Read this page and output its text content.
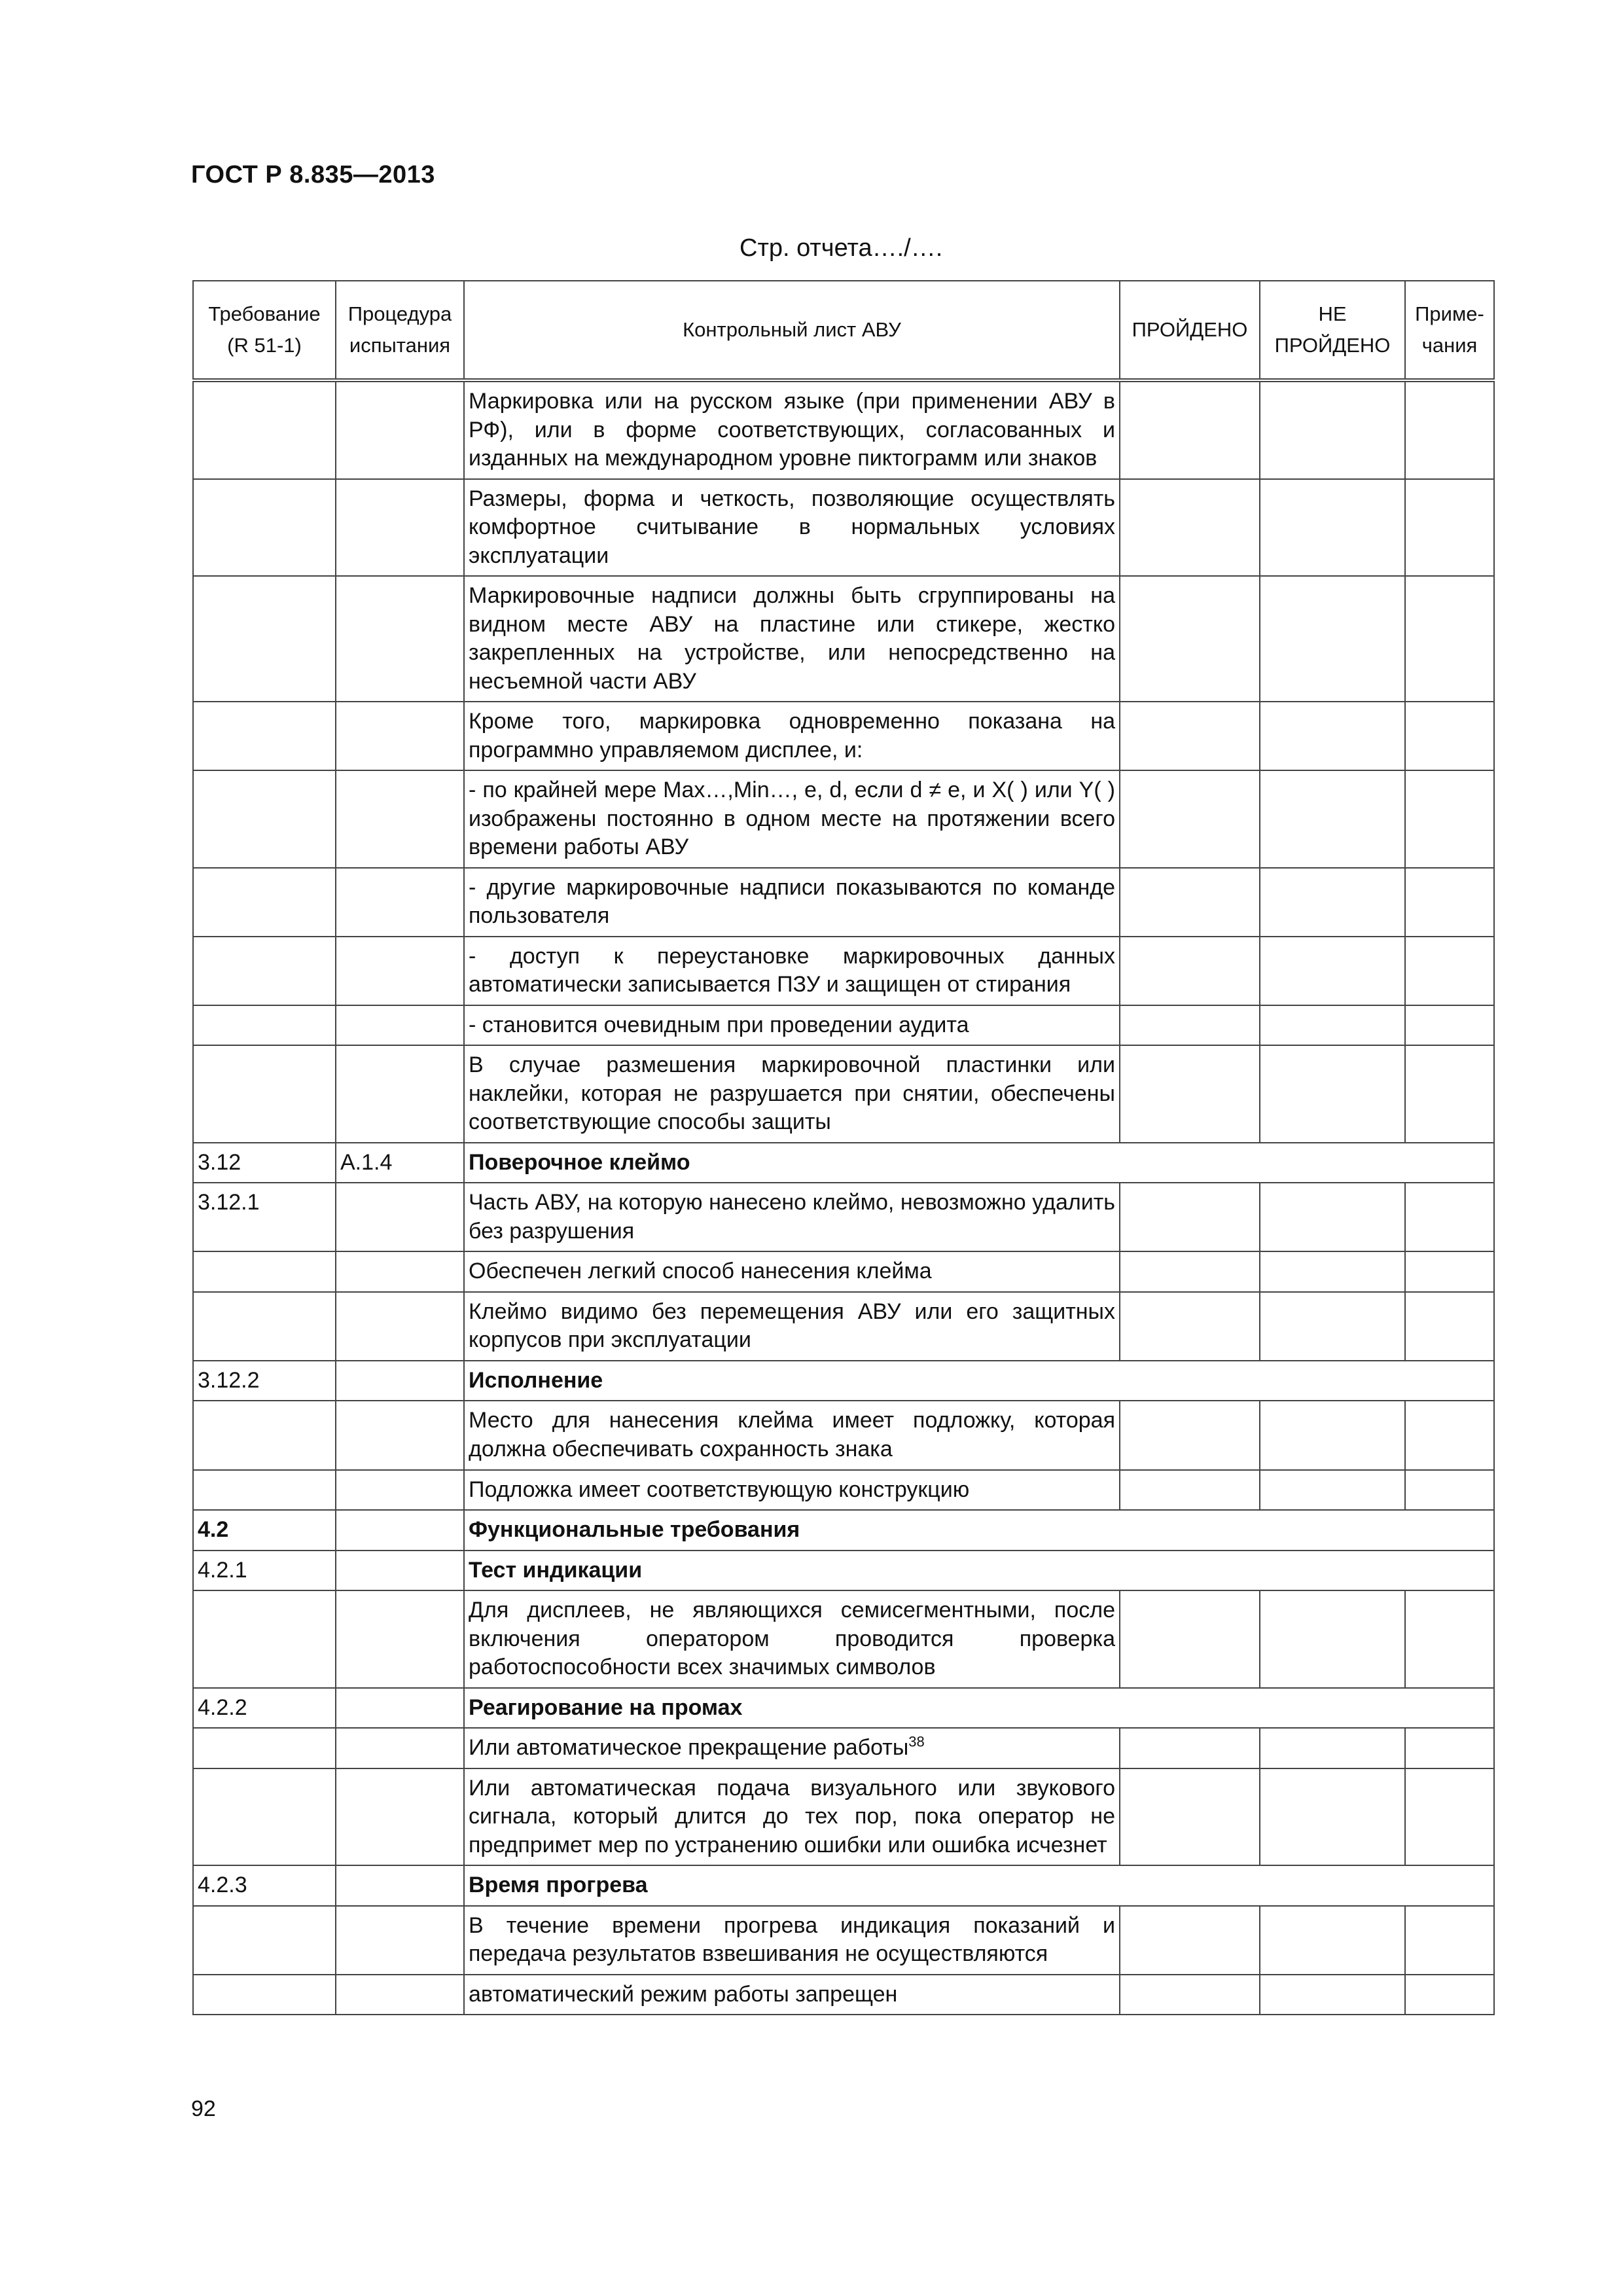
ГОСТ Р 8.835—2013
Стр. отчета…./….
Требование (R 51-1)	Процедура испытания	Контрольный лист АВУ	ПРОЙДЕНО	НЕ ПРОЙДЕНО	Приме-чания
		Маркировка или на русском языке (при применении АВУ в РФ), или в форме соответствующих, согласованных и изданных на международном уровне пиктограмм или знаков			
		Размеры, форма и четкость, позволяющие осуществлять комфортное считывание в нормальных условиях эксплуатации			
		Маркировочные надписи должны быть сгруппированы на видном месте АВУ на пластине или стикере, жестко закрепленных на устройстве, или непосредственно на несъемной части АВУ			
		Кроме того, маркировка одновременно показана на программно управляемом дисплее, и:			
		- по крайней мере Max…,Min…, e, d, если d ≠ e, и X( ) или Y( ) изображены постоянно в одном месте на протяжении всего времени работы АВУ			
		- другие маркировочные надписи показываются по команде пользователя			
		- доступ к переустановке маркировочных данных автоматически записывается ПЗУ и защищен от стирания			
		- становится очевидным при проведении аудита			
		В случае размешения маркировочной пластинки или наклейки, которая не разрушается при снятии, обеспечены соответствующие способы защиты			
3.12	A.1.4	Поверочное клеймо			
3.12.1		Часть АВУ, на которую нанесено клеймо, невозможно удалить без разрушения			
		Обеспечен легкий способ нанесения клейма			
		Клеймо видимо без перемещения АВУ или его защитных корпусов при эксплуатации			
3.12.2		Исполнение			
		Место для нанесения клейма имеет подложку, которая должна обеспечивать сохранность знака			
		Подложка имеет соответствующую конструкцию			
4.2		Функциональные требования			
4.2.1		Тест индикации			
		Для дисплеев, не являющихся семисегментными, после включения оператором проводится проверка работоспособности всех значимых символов			
4.2.2		Реагирование на промах			
		Или автоматическое прекращение работы$^{38}$			
		Или автоматическая подача визуального или звукового сигнала, который длится до тех пор, пока оператор не предпримет мер по устранению ошибки или ошибка исчезнет			
4.2.3		Время прогрева			
		В течение времени прогрева индикация показаний и передача результатов взвешивания не осуществляются			
		автоматический режим работы запрещен			
92
